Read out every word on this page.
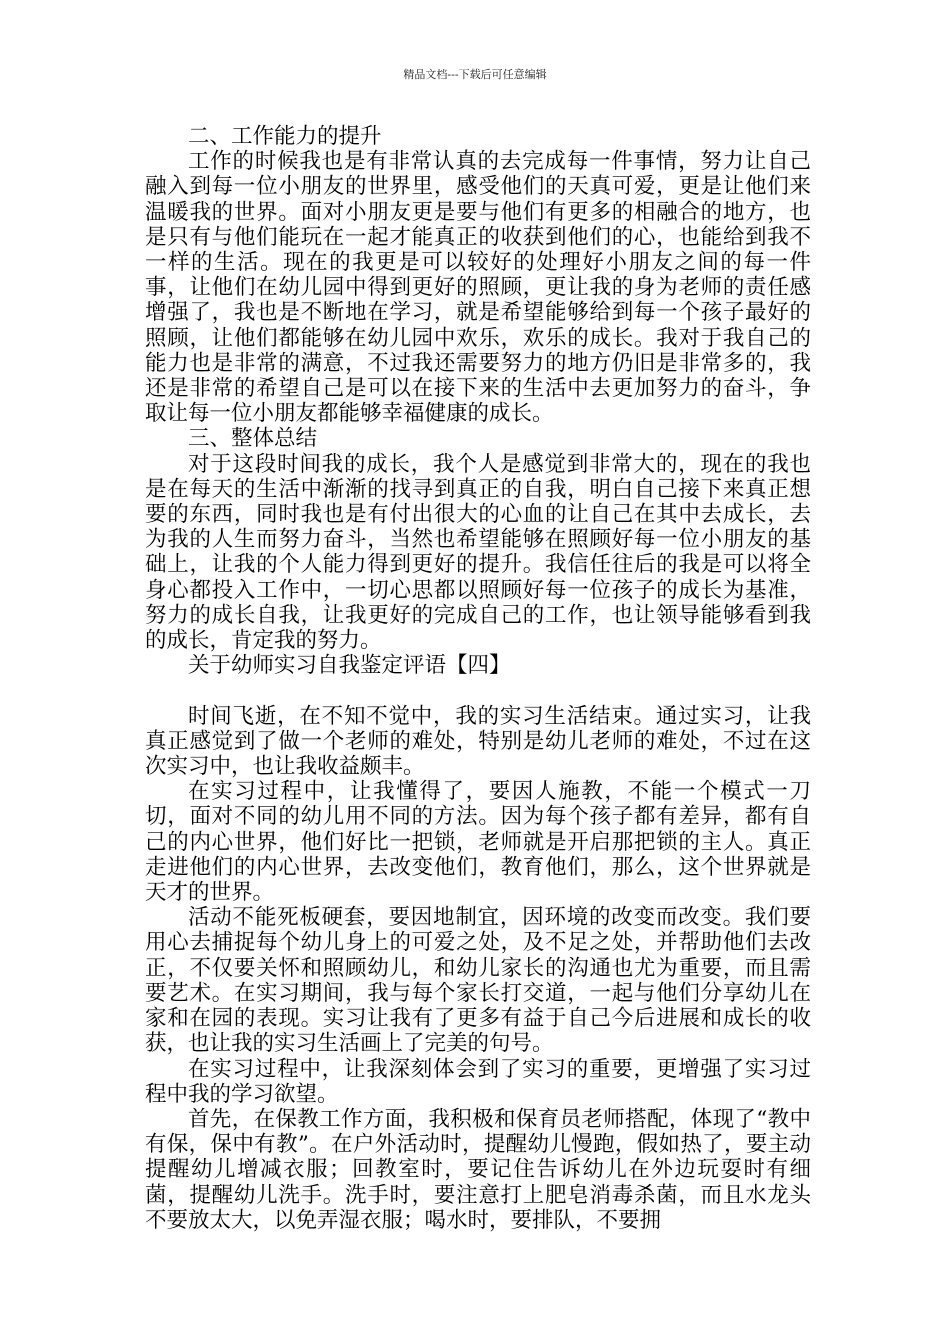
精品文档---下载后可任意编辑

二、工作能力的提升

工作的时候我也是有非常认真的去完成每一件事情，努力让自己融入到每一位小朋友的世界里，感受他们的天真可爱，更是让他们来温暖我的世界。面对小朋友更是要与他们有更多的相融合的地方，也是只有与他们能玩在一起才能真正的收获到他们的心，也能给到我不一样的生活。现在的我更是可以较好的处理好小朋友之间的每一件事，让他们在幼儿园中得到更好的照顾，更让我的身为老师的责任感增强了，我也是不断地在学习，就是希望能够给到每一个孩子最好的照顾，让他们都能够在幼儿园中欢乐，欢乐的成长。我对于我自己的能力也是非常的满意，不过我还需要努力的地方仍旧是非常多的，我还是非常的希望自己是可以在接下来的生活中去更加努力的奋斗，争取让每一位小朋友都能够幸福健康的成长。

三、整体总结

对于这段时间我的成长，我个人是感觉到非常大的，现在的我也是在每天的生活中渐渐的找寻到真正的自我，明白自己接下来真正想要的东西，同时我也是有付出很大的心血的让自己在其中去成长，去为我的人生而努力奋斗，当然也希望能够在照顾好每一位小朋友的基础上，让我的个人能力得到更好的提升。我信任往后的我是可以将全身心都投入工作中，一切心思都以照顾好每一位孩子的成长为基准，努力的成长自我，让我更好的完成自己的工作，也让领导能够看到我的成长，肯定我的努力。

关于幼师实习自我鉴定评语【四】

时间飞逝，在不知不觉中，我的实习生活结束。通过实习，让我真正感觉到了做一个老师的难处，特别是幼儿老师的难处，不过在这次实习中，也让我收益颇丰。

在实习过程中，让我懂得了，要因人施教，不能一个模式一刀切，面对不同的幼儿用不同的方法。因为每个孩子都有差异，都有自己的内心世界，他们好比一把锁，老师就是开启那把锁的主人。真正走进他们的内心世界，去改变他们，教育他们，那么，这个世界就是天才的世界。

活动不能死板硬套，要因地制宜，因环境的改变而改变。我们要用心去捕捉每个幼儿身上的可爱之处，及不足之处，并帮助他们去改正，不仅要关怀和照顾幼儿，和幼儿家长的沟通也尤为重要，而且需要艺术。在实习期间，我与每个家长打交道，一起与他们分享幼儿在家和在园的表现。实习让我有了更多有益于自己今后进展和成长的收获，也让我的实习生活画上了完美的句号。

在实习过程中，让我深刻体会到了实习的重要，更增强了实习过程中我的学习欲望。

首先，在保教工作方面，我积极和保育员老师搭配，体现了“教中有保，保中有教”。在户外活动时，提醒幼儿慢跑，假如热了，要主动提醒幼儿增减衣服；回教室时，要记住告诉幼儿在外边玩耍时有细菌，提醒幼儿洗手。洗手时，要注意打上肥皂消毒杀菌，而且水龙头不要放太大，以免弄湿衣服；喝水时，要排队，不要拥
